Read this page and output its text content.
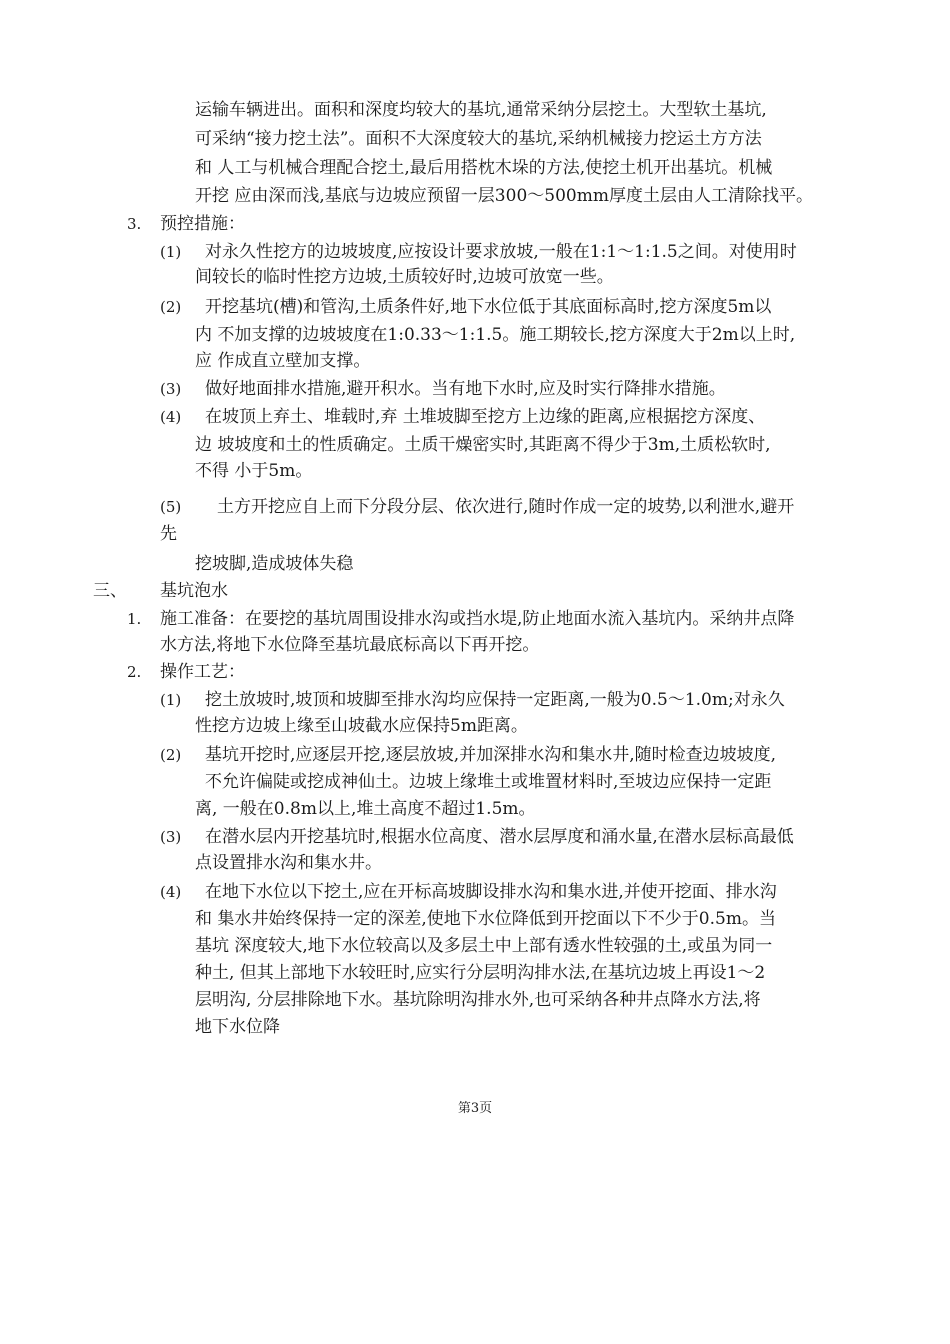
运输车辆进出。面积和深度均较大的基坑,通常采纳分层挖土。大型软土基坑,
可采纳“接力挖土法”。面积不大深度较大的基坑,采纳机械接力挖运土方方法
和 人工与机械合理配合挖土,最后用搭枕木垛的方法,使挖土机开出基坑。机械
开挖 应由深而浅,基底与边坡应预留一层300～500mm厚度土层由人工清除找平。
3. 预控措施：
(1) 对永久性挖方的边坡坡度,应按设计要求放坡,一般在1:1～1:1.5之间。对使用时
间较长的临时性挖方边坡,土质较好时,边坡可放宽一些。
(2) 开挖基坑(槽)和管沟,土质条件好,地下水位低于其底面标高时,挖方深度5m以
内 不加支撑的边坡坡度在1:0.33～1:1.5。施工期较长,挖方深度大于2m以上时,
应 作成直立壁加支撑。
(3) 做好地面排水措施,避开积水。当有地下水时,应及时实行降排水措施。
(4) 在坡顶上弃土、堆载时,弃 土堆坡脚至挖方上边缘的距离,应根据挖方深度、
边 坡坡度和土的性质确定。土质干燥密实时,其距离不得少于3m,土质松软时,
不得 小于5m。
(5) 土方开挖应自上而下分段分层、依次进行,随时作成一定的坡势,以利泄水,避开
先
挖坡脚,造成坡体失稳
三、 基坑泡水
1. 施工准备：在要挖的基坑周围设排水沟或挡水堤,防止地面水流入基坑内。采纳井点降
水方法,将地下水位降至基坑最底标高以下再开挖。
2. 操作工艺：
(1) 挖土放坡时,坡顶和坡脚至排水沟均应保持一定距离,一般为0.5～1.0m;对永久
性挖方边坡上缘至山坡截水应保持5m距离。
(2) 基坑开挖时,应逐层开挖,逐层放坡,并加深排水沟和集水井,随时检查边坡坡度,
不允许偏陡或挖成神仙土。边坡上缘堆土或堆置材料时,至坡边应保持一定距
离, 一般在0.8m以上,堆土高度不超过1.5m。
(3) 在潜水层内开挖基坑时,根据水位高度、潜水层厚度和涌水量,在潜水层标高最低
点设置排水沟和集水井。
(4) 在地下水位以下挖土,应在开标高坡脚设排水沟和集水进,并使开挖面、排水沟
和 集水井始终保持一定的深差,使地下水位降低到开挖面以下不少于0.5m。当
基坑 深度较大,地下水位较高以及多层土中上部有透水性较强的土,或虽为同一
种土, 但其上部地下水较旺时,应实行分层明沟排水法,在基坑边坡上再设1～2
层明沟, 分层排除地下水。基坑除明沟排水外,也可采纳各种井点降水方法,将
地下水位降
第3页
